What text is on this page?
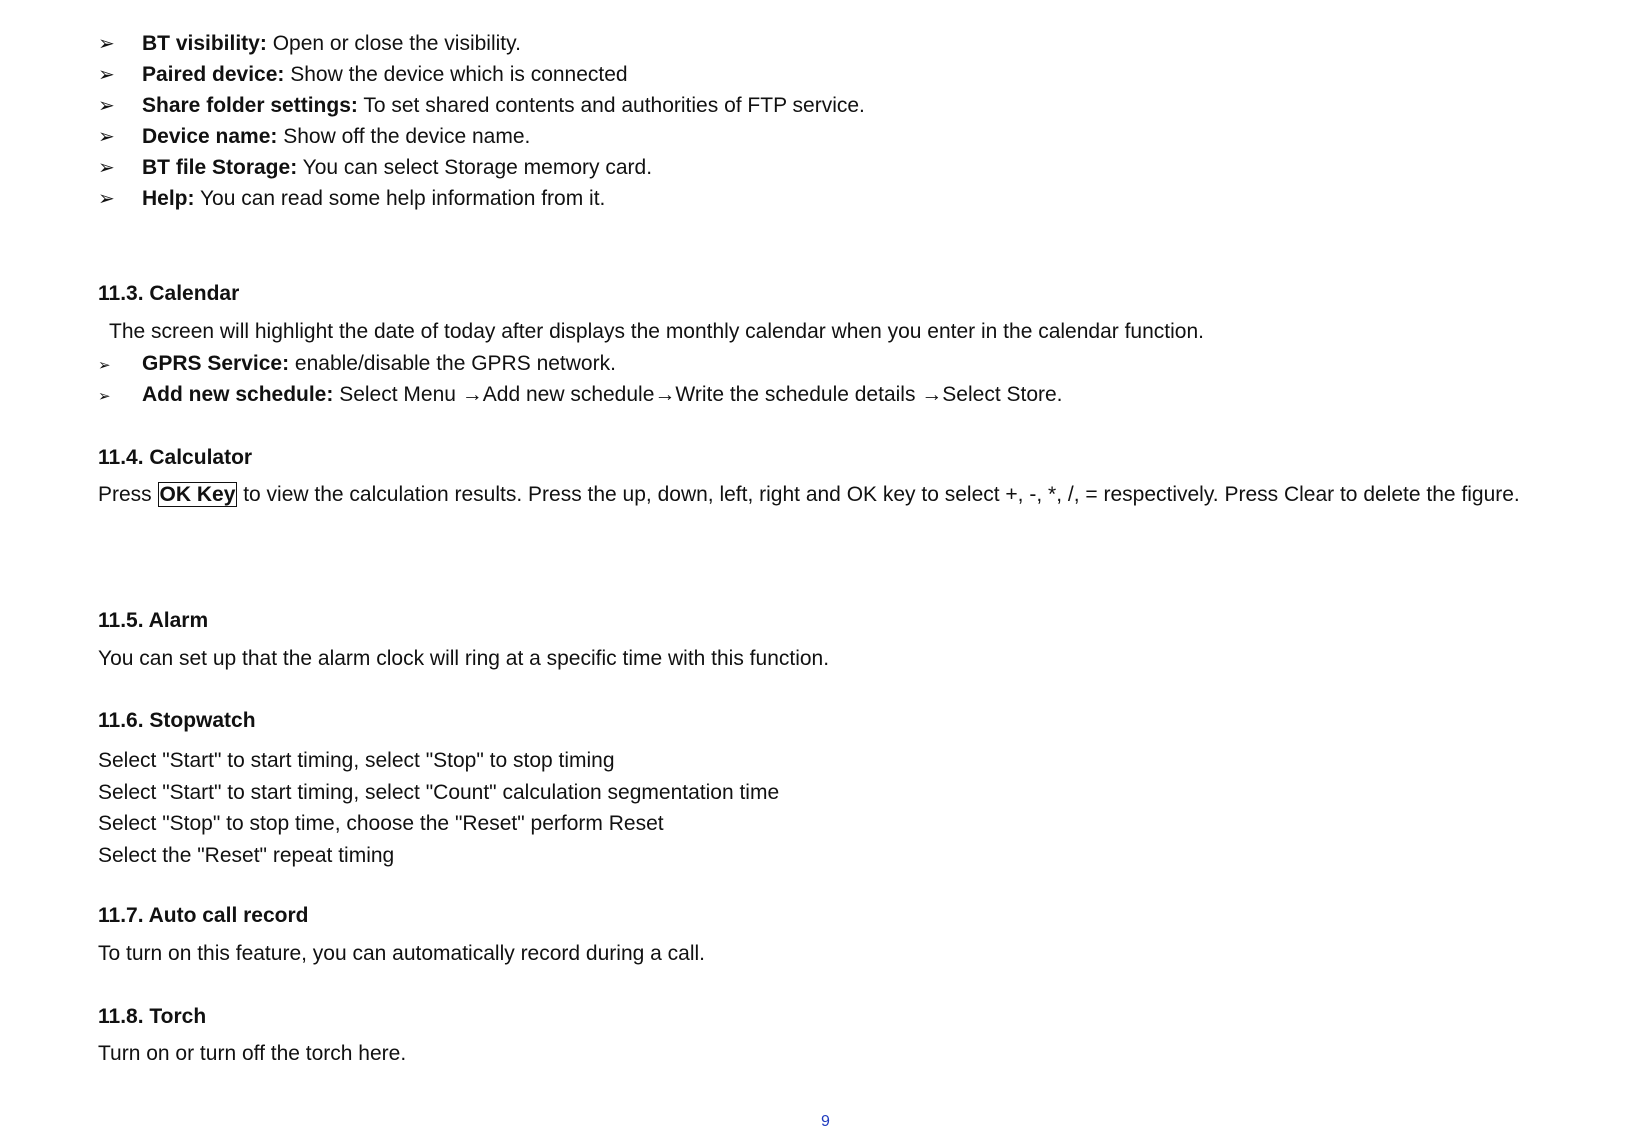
➢ BT visibility: Open or close the visibility.
➢ Paired device: Show the device which is connected
➢ Share folder settings: To set shared contents and authorities of FTP service.
➢ Device name: Show off the device name.
➢ BT file Storage: You can select Storage memory card.
➢ Help: You can read some help information from it.
11.3. Calendar
The screen will highlight the date of today after displays the monthly calendar when you enter in the calendar function.
➢ GPRS Service: enable/disable the GPRS network.
➢ Add new schedule: Select Menu →Add new schedule→Write the schedule details →Select Store.
11.4. Calculator
Press OK Key to view the calculation results. Press the up, down, left, right and OK key to select +, -, *, /, = respectively. Press Clear to delete the figure.
11.5. Alarm
You can set up that the alarm clock will ring at a specific time with this function.
11.6. Stopwatch
Select "Start" to start timing, select "Stop" to stop timing
Select "Start" to start timing, select "Count" calculation segmentation time
Select "Stop" to stop time, choose the "Reset" perform Reset
Select the "Reset" repeat timing
11.7. Auto call record
To turn on this feature, you can automatically record during a call.
11.8. Torch
Turn on or turn off the torch here.
9
